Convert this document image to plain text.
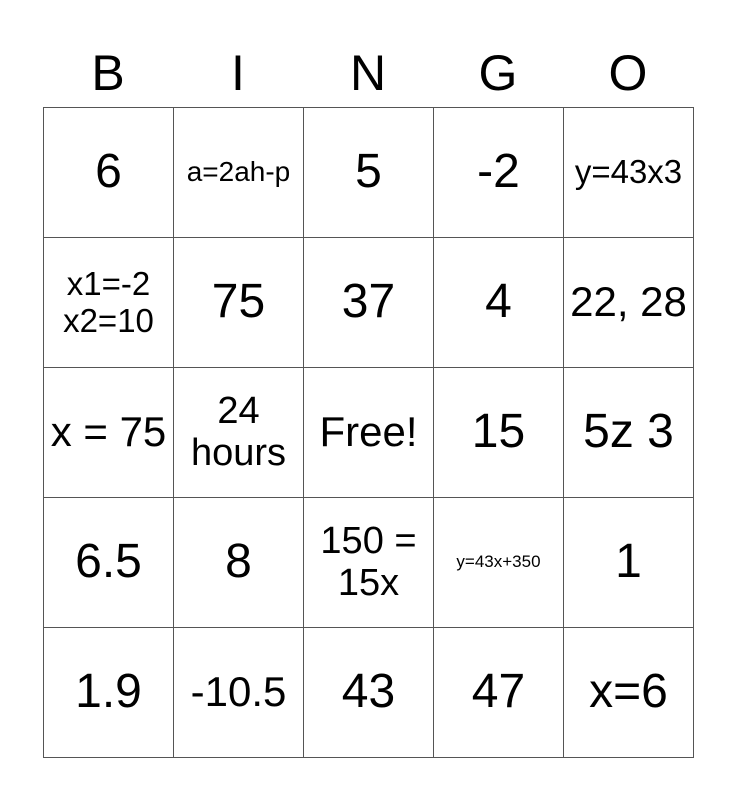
B	I	N	G	O
6	a=2ah-p	5	-2	y=43x3
x1=-2 x2=10	75	37	4	22, 28
x = 75	24 hours	Free!	15	5z 3
6.5	8	150 = 15x	y=43x+350	1
1.9	-10.5	43	47	x=6
